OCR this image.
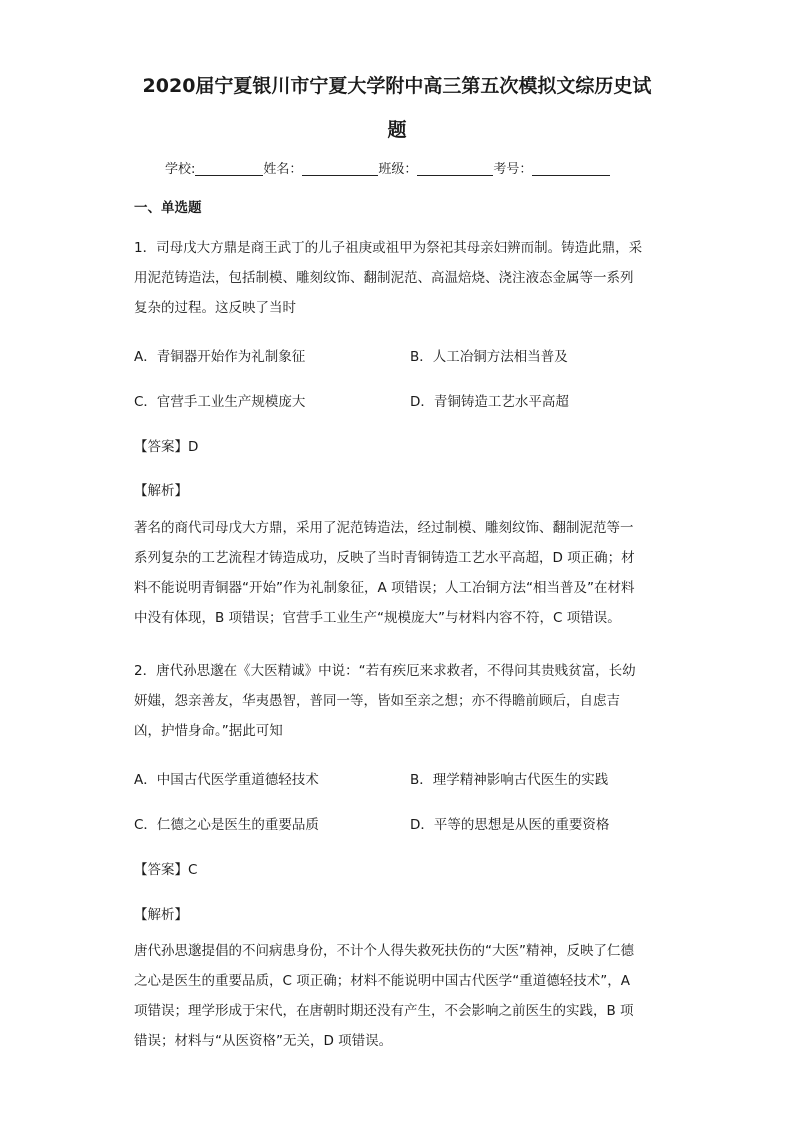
2020届宁夏银川市宁夏大学附中高三第五次模拟文综历史试
题
学校:	姓名：	班级：	考号：
一、单选题
1．司母戊大方鼎是商王武丁的儿子祖庚或祖甲为祭祀其母亲妇辨而制。铸造此鼎，采
用泥范铸造法，包括制模、雕刻纹饰、翻制泥范、高温焙烧、浇注液态金属等一系列
复杂的过程。这反映了当时
A．青铜器开始作为礼制象征	B．人工冶铜方法相当普及
C．官营手工业生产规模庞大	D．青铜铸造工艺水平高超
【答案】D
【解析】
著名的商代司母戊大方鼎，采用了泥范铸造法，经过制模、雕刻纹饰、翻制泥范等一
系列复杂的工艺流程才铸造成功，反映了当时青铜铸造工艺水平高超，D 项正确；材
料不能说明青铜器“开始”作为礼制象征，A 项错误；人工冶铜方法“相当普及”在材料
中没有体现，B 项错误；官营手工业生产“规模庞大”与材料内容不符，C 项错误。
2．唐代孙思邈在《大医精诚》中说：“若有疾厄来求救者，不得问其贵贱贫富，长幼
妍媸，怨亲善友，华夷愚智，普同一等，皆如至亲之想；亦不得瞻前顾后，自虑吉
凶，护惜身命。”据此可知
A．中国古代医学重道德轻技术	B．理学精神影响古代医生的实践
C．仁德之心是医生的重要品质	D．平等的思想是从医的重要资格
【答案】C
【解析】
唐代孙思邈提倡的不问病患身份，不计个人得失救死扶伤的“大医”精神，反映了仁德
之心是医生的重要品质，C 项正确；材料不能说明中国古代医学“重道德轻技术”，A
项错误；理学形成于宋代，在唐朝时期还没有产生，不会影响之前医生的实践，B 项
错误；材料与“从医资格”无关，D 项错误。
